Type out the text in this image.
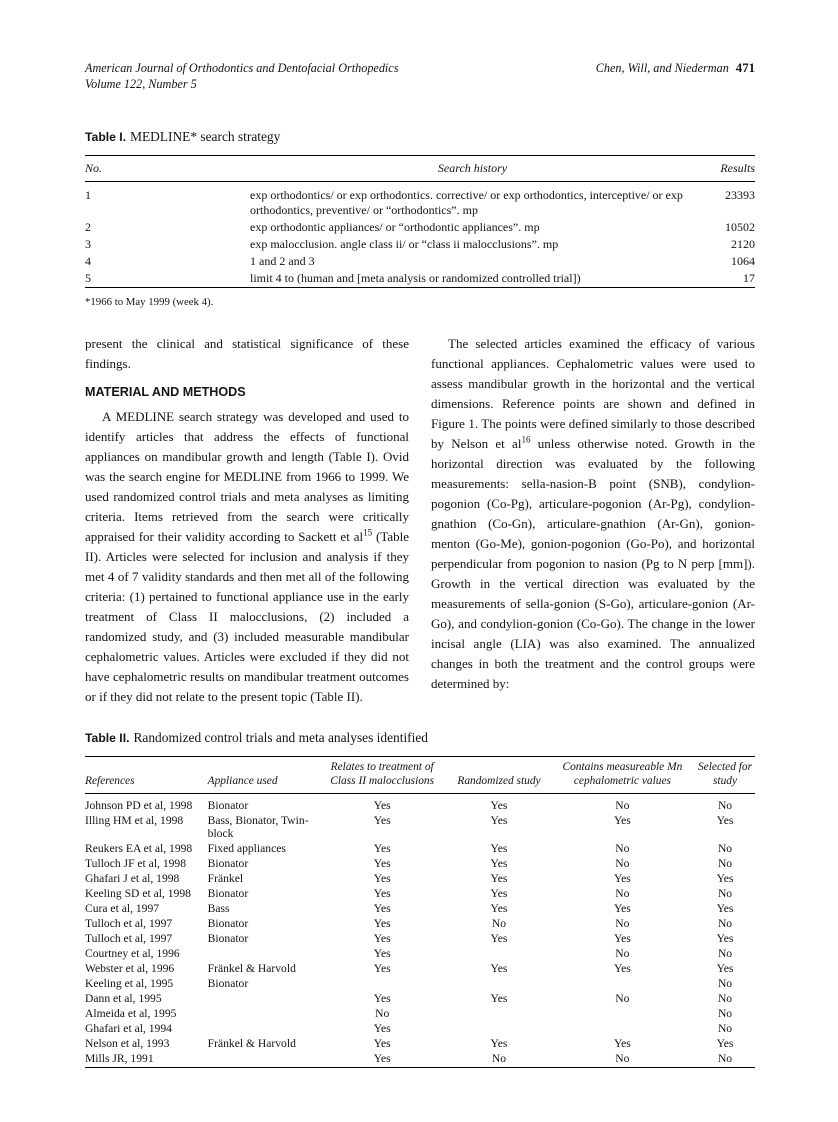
American Journal of Orthodontics and Dentofacial Orthopedics
Volume 122, Number 5
Chen, Will, and Niederman 471
Table I. MEDLINE* search strategy
No.	Search history	Results
1	exp orthodontics/ or exp orthodontics. corrective/ or exp orthodontics, interceptive/ or exp orthodontics, preventive/ or “orthodontics”. mp	23393
2	exp orthodontic appliances/ or “orthodontic appliances”. mp	10502
3	exp malocclusion. angle class ii/ or “class ii malocclusions”. mp	2120
4	1 and 2 and 3	1064
5	limit 4 to (human and [meta analysis or randomized controlled trial])	17
*1966 to May 1999 (week 4).

present the clinical and statistical significance of these findings.

MATERIAL AND METHODS

A MEDLINE search strategy was developed and used to identify articles that address the effects of functional appliances on mandibular growth and length (Table I). Ovid was the search engine for MEDLINE from 1966 to 1999. We used randomized control trials and meta analyses as limiting criteria. Items retrieved from the search were critically appraised for their validity according to Sackett et al$^{15}$ (Table II). Articles were selected for inclusion and analysis if they met 4 of 7 validity standards and then met all of the following criteria: (1) pertained to functional appliance use in the early treatment of Class II malocclusions, (2) included a randomized study, and (3) included measurable mandibular cephalometric values. Articles were excluded if they did not have cephalometric results on mandibular treatment outcomes or if they did not relate to the present topic (Table II).

The selected articles examined the efficacy of various functional appliances. Cephalometric values were used to assess mandibular growth in the horizontal and the vertical dimensions. Reference points are shown and defined in Figure 1. The points were defined similarly to those described by Nelson et al$^{16}$ unless otherwise noted. Growth in the horizontal direction was evaluated by the following measurements: sella-nasion-B point (SNB), condylion-pogonion (Co-Pg), articulare-pogonion (Ar-Pg), condylion-gnathion (Co-Gn), articulare-gnathion (Ar-Gn), gonion-menton (Go-Me), gonion-pogonion (Go-Po), and horizontal perpendicular from pogonion to nasion (Pg to N perp [mm]). Growth in the vertical direction was evaluated by the measurements of sella-gonion (S-Go), articulare-gonion (Ar-Go), and condylion-gonion (Co-Go). The change in the lower incisal angle (LIA) was also examined. The annualized changes in both the treatment and the control groups were determined by:

Table II. Randomized control trials and meta analyses identified
References	Appliance used	Relates to treatment of Class II malocclusions	Randomized study	Contains measureable Mn cephalometric values	Selected for study
Johnson PD et al, 1998	Bionator	Yes	Yes	No	No
Illing HM et al, 1998	Bass, Bionator, Twin-block	Yes	Yes	Yes	Yes
Reukers EA et al, 1998	Fixed appliances	Yes	Yes	No	No
Tulloch JF et al, 1998	Bionator	Yes	Yes	No	No
Ghafari J et al, 1998	Fränkel	Yes	Yes	Yes	Yes
Keeling SD et al, 1998	Bionator	Yes	Yes	No	No
Cura et al, 1997	Bass	Yes	Yes	Yes	Yes
Tulloch et al, 1997	Bionator	Yes	No	No	No
Tulloch et al, 1997	Bionator	Yes	Yes	Yes	Yes
Courtney et al, 1996		Yes		No	No
Webster et al, 1996	Fränkel & Harvold	Yes	Yes	Yes	Yes
Keeling et al, 1995	Bionator				No
Dann et al, 1995		Yes	Yes	No	No
Almeida et al, 1995		No			No
Ghafari et al, 1994		Yes			No
Nelson et al, 1993	Fränkel & Harvold	Yes	Yes	Yes	Yes
Mills JR, 1991		Yes	No	No	No
